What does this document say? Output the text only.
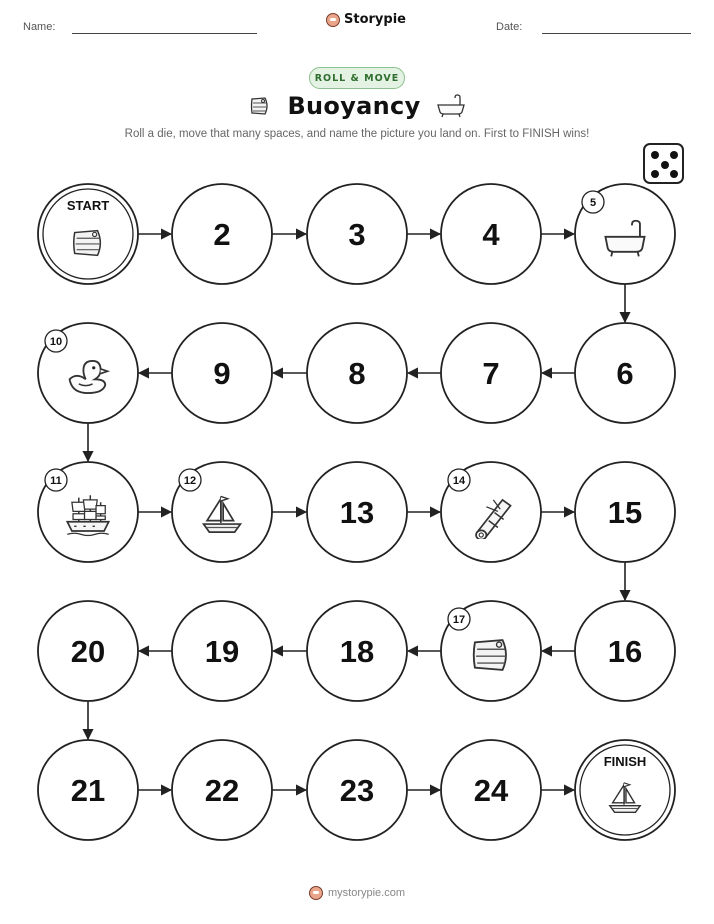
Name:	Storypie	Date:
ROLL & MOVE
Buoyancy
Roll a die, move that many spaces, and name the picture you land on. First to FINISH wins!
START
2	3	4
5
6
7
8
9
10
11	12
13
14
15
16
17
18
19
20
21	22	23	24
FINISH
mystorypie.com
